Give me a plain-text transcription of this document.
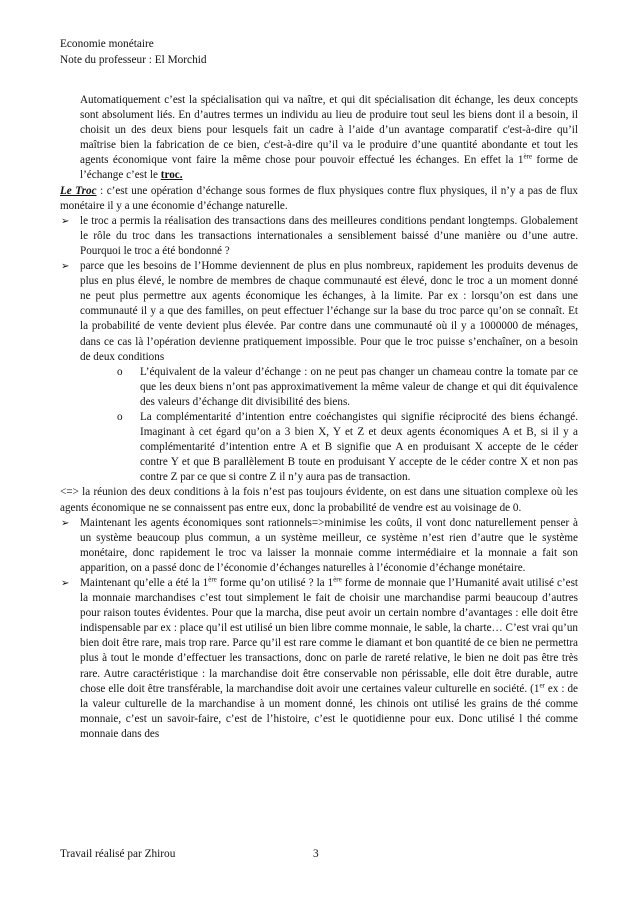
Economie monétaire
Note du professeur : El Morchid

Automatiquement c’est la spécialisation qui va naître, et qui dit spécialisation dit échange, les deux concepts sont absolument liés. En d’autres termes un individu au lieu de produire tout seul les biens dont il a besoin, il choisit un des deux biens pour lesquels fait un cadre à l’aide d’un avantage comparatif c'est-à-dire qu’il maîtrise bien la fabrication de ce bien, c'est-à-dire qu’il va le produire d’une quantité abondante et tout les agents économique vont faire la même chose pour pouvoir effectué les échanges. En effet la 1ère forme de l’échange c’est le troc.

Le Troc : c’est une opération d’échange sous formes de flux physiques contre flux physiques, il n’y a pas de flux monétaire il y a une économie d’échange naturelle.

➢ le troc a permis la réalisation des transactions dans des meilleures conditions pendant longtemps. Globalement le rôle du troc dans les transactions internationales a sensiblement baissé d’une manière ou d’une autre. Pourquoi le troc a été bondonné ?

➢ parce que les besoins de l’Homme deviennent de plus en plus nombreux, rapidement les produits devenus de plus en plus élevé, le nombre de membres de chaque communauté est élevé, donc le troc a un moment donné ne peut plus permettre aux agents économique les échanges, à la limite. Par ex : lorsqu’on est dans une communauté il y a que des familles, on peut effectuer l’échange sur la base du troc parce qu’on se connaît. Et la probabilité de vente devient plus élevée. Par contre dans une communauté où il y a 1000000 de ménages, dans ce cas là l’opération devienne pratiquement impossible. Pour que le troc puisse s’enchaîner, on a besoin de deux conditions

o L’équivalent de la valeur d’échange : on ne peut pas changer un chameau contre la tomate par ce que les deux biens n’ont pas approximativement la même valeur de change et qui dit équivalence des valeurs d’échange dit divisibilité des biens.

o La complémentarité d’intention entre coéchangistes qui signifie réciprocité des biens échangé. Imaginant à cet égard qu’on a 3 bien X, Y et Z et deux agents économiques A et B, si il y a complémentarité d’intention entre A et B signifie que A en produisant X accepte de le céder contre Y et que B parallèlement B toute en produisant Y accepte de le céder contre X et non pas contre Z par ce que si contre Z il n’y aura pas de transaction.

<=> la réunion des deux conditions à la fois n’est pas toujours évidente, on est dans une situation complexe où les agents économique ne se connaissent pas entre eux, donc la probabilité de vendre est au voisinage de 0.

➢ Maintenant les agents économiques sont rationnels=>minimise les coûts, il vont donc naturellement penser à un système beaucoup plus commun, a un système meilleur, ce système n’est rien d’autre que le système monétaire, donc rapidement le troc va laisser la monnaie comme intermédiaire et la monnaie a fait son apparition, on a passé donc de l’économie d’échanges naturelles à l’économie d’échange monétaire.

➢ Maintenant qu’elle a été la 1ère forme qu’on utilisé ? la 1ère forme de monnaie que l’Humanité avait utilisé c’est la monnaie marchandises c’est tout simplement le fait de choisir une marchandise parmi beaucoup d’autres pour raison toutes évidentes. Pour que la marcha, dise peut avoir un certain nombre d’avantages : elle doit être indispensable par ex : place qu’il est utilisé un bien libre comme monnaie, le sable, la charte… C’est vrai qu’un bien doit être rare, mais trop rare. Parce qu’il est rare comme le diamant et bon quantité de ce bien ne permettra plus à tout le monde d’effectuer les transactions, donc on parle de rareté relative, le bien ne doit pas être très rare. Autre caractéristique : la marchandise doit être conservable non périssable, elle doit être durable, autre chose elle doit être transférable, la marchandise doit avoir une certaines valeur culturelle en société. (1er ex : de la valeur culturelle de la marchandise à un moment donné, les chinois ont utilisé les grains de thé comme monnaie, c’est un savoir-faire, c’est de l’histoire, c’est le quotidienne pour eux. Donc utilisé l thé comme monnaie dans des

Travail réalisé par Zhirou	3
